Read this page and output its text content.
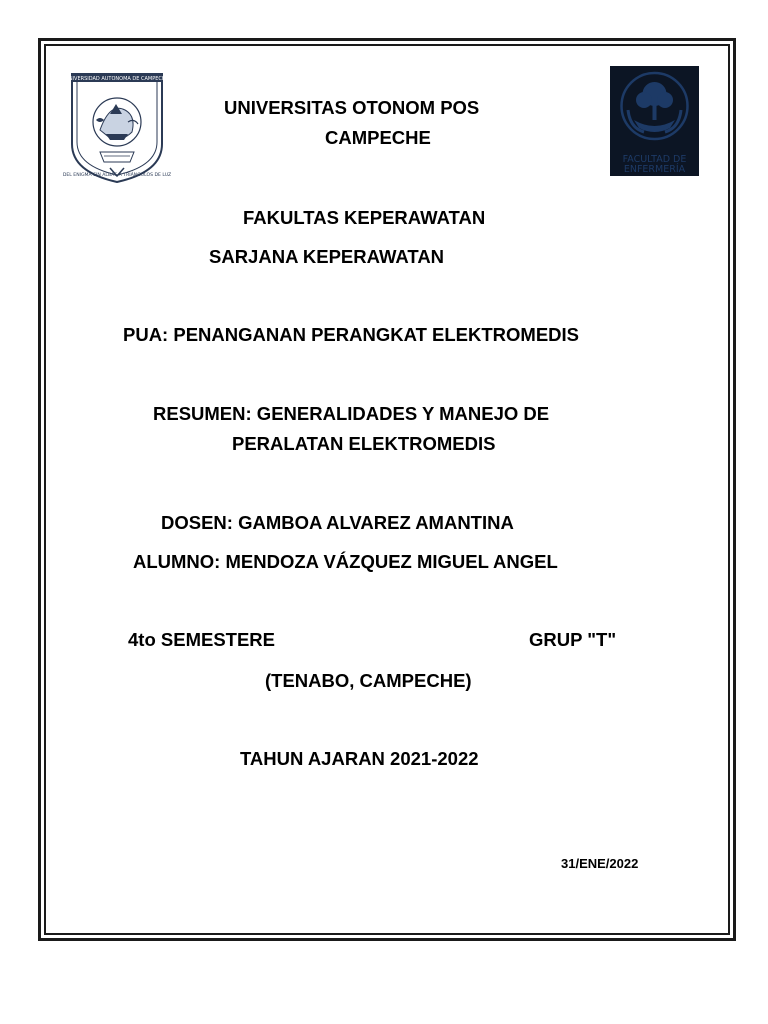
UNIVERSIDAD AUTONOMA DE CAMPECHE
DEL ENIGMA SIN ALBAS A TRIÁNGULOS DE LUZ
FACULTAD DE
ENFERMERÍA
UNIVERSITAS OTONOM POS
CAMPECHE
FAKULTAS KEPERAWATAN
SARJANA KEPERAWATAN
PUA: PENANGANAN PERANGKAT ELEKTROMEDIS
RESUMEN: GENERALIDADES Y MANEJO DE
PERALATAN ELEKTROMEDIS
DOSEN: GAMBOA ALVAREZ AMANTINA
ALUMNO: MENDOZA VÁZQUEZ MIGUEL ANGEL
4to SEMESTERE	GRUP "T"
(TENABO, CAMPECHE)
TAHUN AJARAN 2021-2022
31/ENE/2022
